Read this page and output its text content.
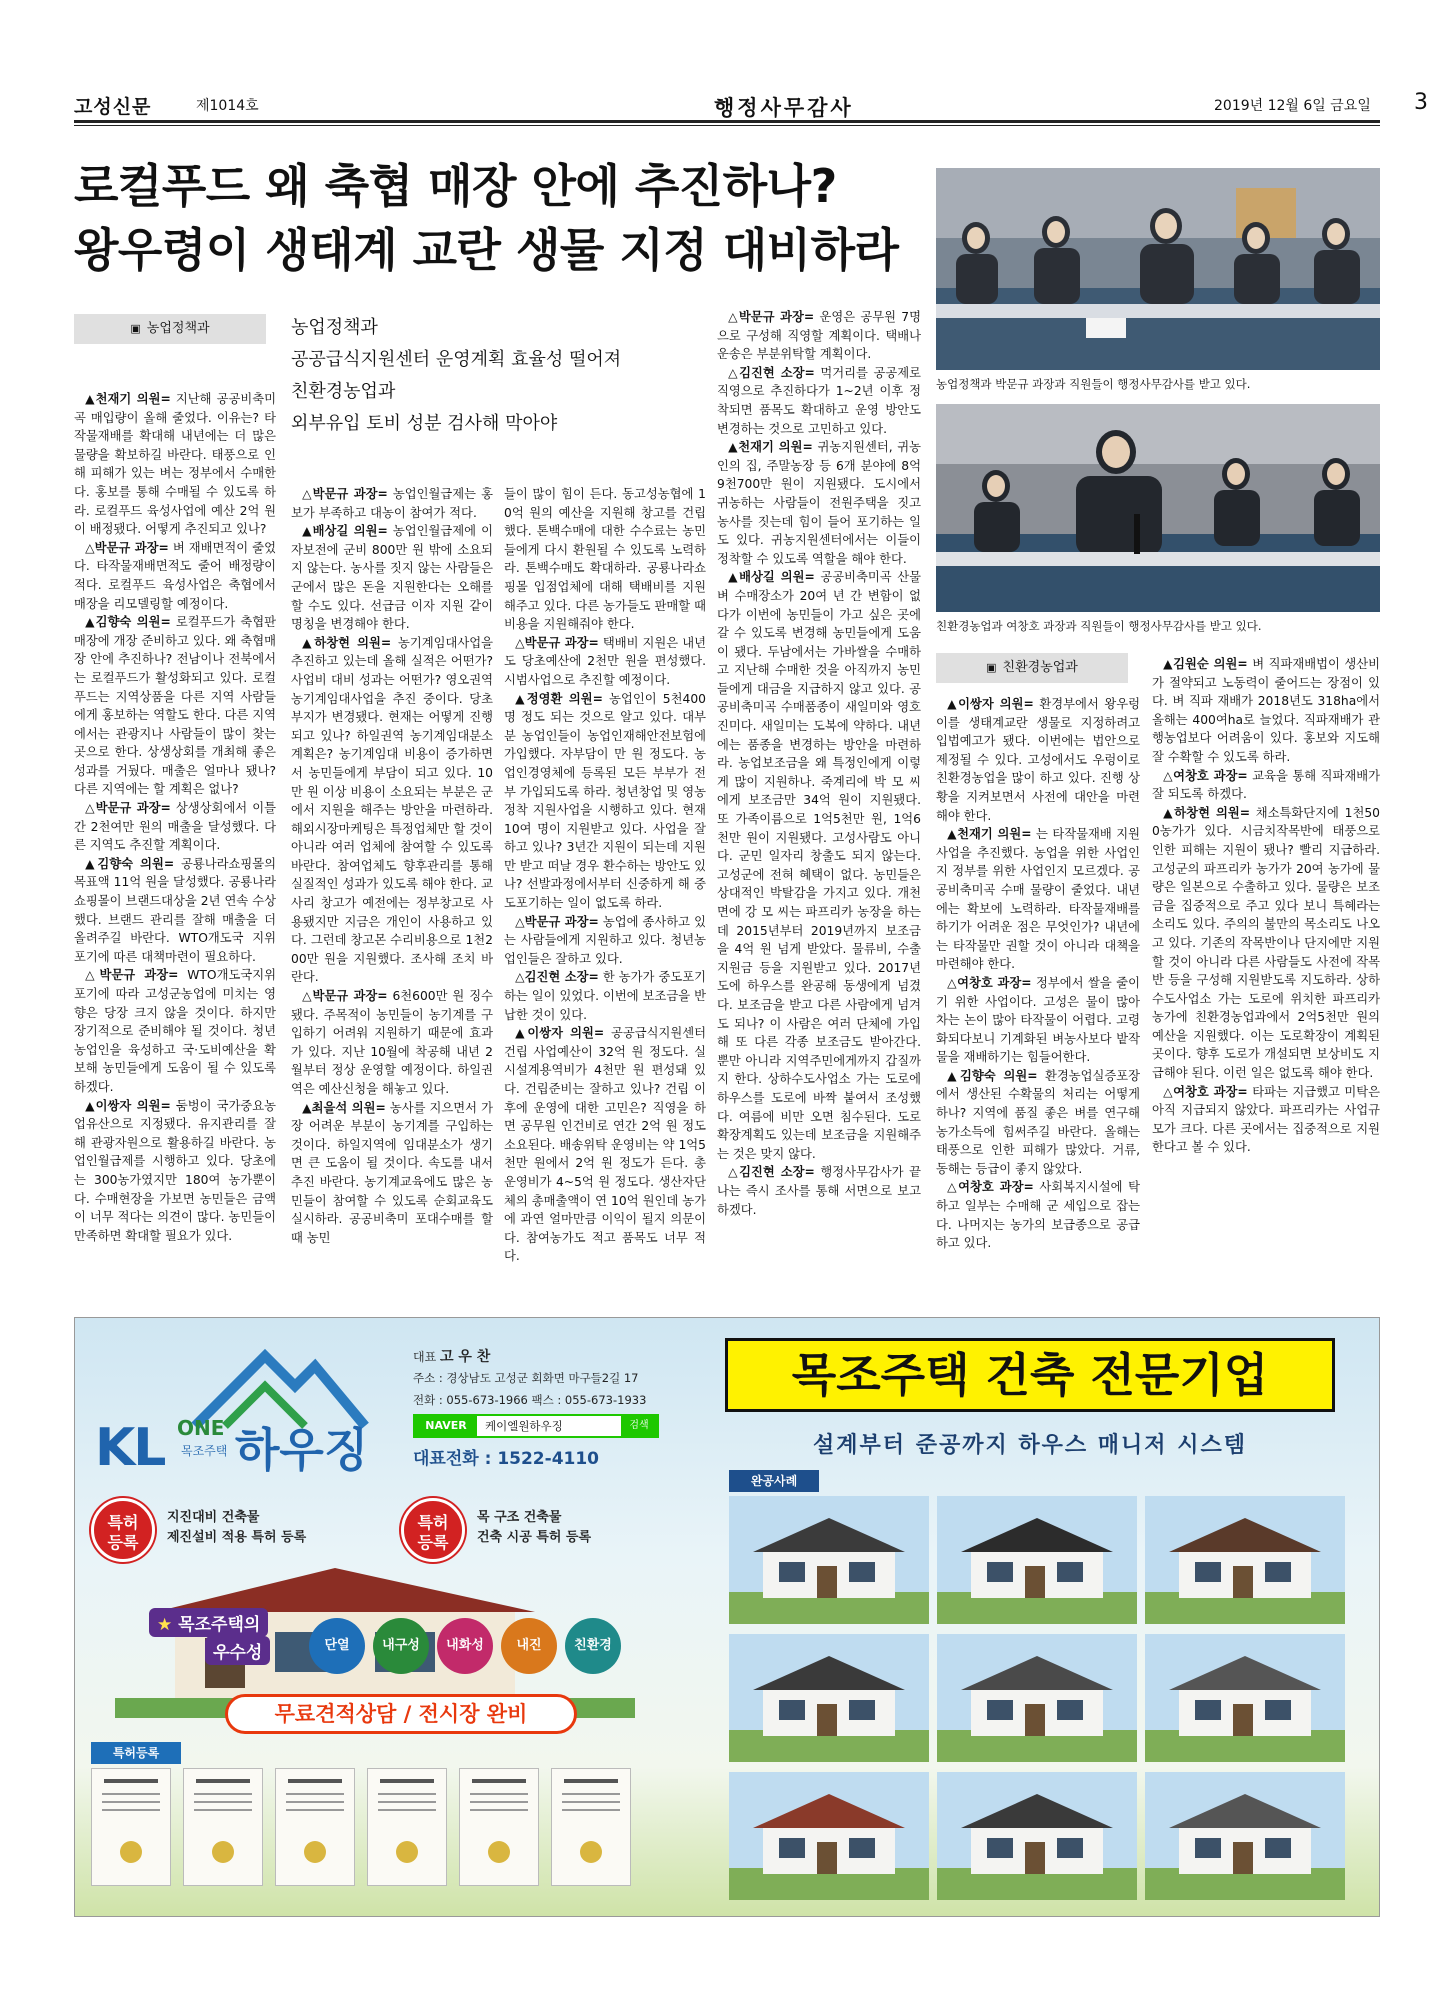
고성신문	제1014호	행정사무감사	2019년 12월 6일 금요일 3
로컬푸드 왜 축협 매장 안에 추진하나?
왕우령이 생태계 교란 생물 지정 대비하라
▣ 농업정책과	농업정책과
공공급식지원센터 운영계획 효율성 떨어져
친환경농업과
외부유입 토비 성분 검사해 막아야
농업정책과 박문규 과장과 직원들이 행정사무감사를 받고 있다.
친환경농업과 여창호 과장과 직원들이 행정사무감사를 받고 있다.
▣ 친환경농업과

▲천재기 의원= 지난해 공공비축미곡 매입량이 올해 줄었다. 이유는? 타작물재배를 확대해 내년에는 더 많은 물량을 확보하길 바란다. 태풍으로 인해 피해가 있는 벼는 정부에서 수매한다. 홍보를 통해 수매될 수 있도록 하라. 로컬푸드 육성사업에 예산 2억 원이 배정됐다. 어떻게 추진되고 있나?

△박문규 과장= 벼 재배면적이 줄었다. 타작물재배면적도 줄어 배정량이 적다. 로컬푸드 육성사업은 축협에서 매장을 리모델링할 예정이다.

▲김향숙 의원= 로컬푸드가 축협판매장에 개장 준비하고 있다. 왜 축협매장 안에 추진하나? 전남이나 전북에서는 로컬푸드가 활성화되고 있다. 로컬푸드는 지역상품을 다른 지역 사람들에게 홍보하는 역할도 한다. 다른 지역에서는 관광지나 사람들이 많이 찾는 곳으로 한다. 상생상회를 개최해 좋은 성과를 거뒀다. 매출은 얼마나 됐나? 다른 지역에는 할 계획은 없나?

△박문규 과장= 상생상회에서 이틀 간 2천여만 원의 매출을 달성했다. 다른 지역도 추진할 계획이다.

▲김향숙 의원= 공룡나라쇼핑몰의 목표액 11억 원을 달성했다. 공룡나라쇼핑몰이 브랜드대상을 2년 연속 수상했다. 브랜드 관리를 잘해 매출을 더 올려주길 바란다. WTO개도국 지위 포기에 따른 대책마련이 필요하다.

△박문규 과장= WTO개도국지위 포기에 따라 고성군농업에 미치는 영향은 당장 크지 않을 것이다. 하지만 장기적으로 준비해야 될 것이다. 청년농업인을 육성하고 국·도비예산을 확보해 농민들에게 도움이 될 수 있도록 하겠다.

▲이쌍자 의원= 둠벙이 국가중요농업유산으로 지정됐다. 유지관리를 잘해 관광자원으로 활용하길 바란다. 농업인월급제를 시행하고 있다. 당초에는 300농가였지만 180여 농가뿐이다. 수매현장을 가보면 농민들은 금액이 너무 적다는 의견이 많다. 농민들이 만족하면 확대할 필요가 있다.

△박문규 과장= 농업인월급제는 홍보가 부족하고 대농이 참여가 적다.

▲배상길 의원= 농업인월급제에 이자보전에 군비 800만 원 밖에 소요되지 않는다. 농사를 짓지 않는 사람들은 군에서 많은 돈을 지원한다는 오해를 할 수도 있다. 선급금 이자 지원 같이 명칭을 변경해야 한다.

▲하창현 의원= 농기계임대사업을 추진하고 있는데 올해 실적은 어떤가? 사업비 대비 성과는 어떤가? 영오권역 농기계임대사업을 추진 중이다. 당초부지가 변경됐다. 현재는 어떻게 진행되고 있나? 하일권역 농기계임대분소 계획은? 농기계임대 비용이 증가하면서 농민들에게 부담이 되고 있다. 10만 원 이상 비용이 소요되는 부분은 군에서 지원을 해주는 방안을 마련하라. 해외시장마케팅은 특정업체만 할 것이 아니라 여러 업체에 참여할 수 있도록 바란다. 참여업체도 향후관리를 통해 실질적인 성과가 있도록 해야 한다. 교사리 창고가 예전에는 정부창고로 사용됐지만 지금은 개인이 사용하고 있다. 그런데 창고몬 수리비용으로 1천200만 원을 지원했다. 조사해 조치 바란다.

△박문규 과장= 6천600만 원 징수됐다. 주목적이 농민들이 농기계를 구입하기 어려워 지원하기 때문에 효과가 있다. 지난 10월에 착공해 내년 2월부터 정상 운영할 예정이다. 하일권역은 예산신청을 해놓고 있다.

▲최을석 의원= 농사를 지으면서 가장 어려운 부분이 농기계를 구입하는 것이다. 하일지역에 임대분소가 생기면 큰 도움이 될 것이다. 속도를 내서 추진 바란다. 농기계교육에도 많은 농민들이 참여할 수 있도록 순회교육도 실시하라. 공공비축미 포대수매를 할 때 농민

들이 많이 힘이 든다. 동고성농협에 10억 원의 예산을 지원해 창고를 건립했다. 톤백수매에 대한 수수료는 농민들에게 다시 환원될 수 있도록 노력하라. 톤백수매도 확대하라. 공룡나라쇼핑몰 입점업체에 대해 택배비를 지원해주고 있다. 다른 농가들도 판매할 때 비용을 지원해줘야 한다.

△박문규 과장= 택배비 지원은 내년도 당초예산에 2천만 원을 편성했다. 시범사업으로 추진할 예정이다.

▲정영환 의원= 농업인이 5천400명 정도 되는 것으로 알고 있다. 대부분 농업인들이 농업인재해안전보험에 가입했다. 자부담이 만 원 정도다. 농업인경영체에 등록된 모든 부부가 전부 가입되도록 하라. 청년창업 및 영농정착 지원사업을 시행하고 있다. 현재 10여 명이 지원받고 있다. 사업을 잘하고 있나? 3년간 지원이 되는데 지원만 받고 떠날 경우 환수하는 방안도 있나? 선발과정에서부터 신중하게 해 중도포기하는 일이 없도록 하라.

△박문규 과장= 농업에 종사하고 있는 사람들에게 지원하고 있다. 청년농업인들은 잘하고 있다.

△김진현 소장= 한 농가가 중도포기하는 일이 있었다. 이번에 보조금을 반납한 것이 있다.

▲이쌍자 의원= 공공급식지원센터 건립 사업예산이 32억 원 정도다. 실시설계용역비가 4천만 원 편성돼 있다. 건립준비는 잘하고 있나? 건립 이후에 운영에 대한 고민은? 직영을 하면 공무원 인건비로 연간 2억 원 정도 소요된다. 배송위탁 운영비는 약 1억5천만 원에서 2억 원 정도가 든다. 총 운영비가 4~5억 원 정도다. 생산자단체의 총매출액이 연 10억 원인데 농가에 과연 얼마만큼 이익이 될지 의문이다. 참여농가도 적고 품목도 너무 적다.

△박문규 과장= 운영은 공무원 7명으로 구성해 직영할 계획이다. 택배나 운송은 부분위탁할 계획이다.

△김진현 소장= 먹거리를 공공제로 직영으로 추진하다가 1~2년 이후 정착되면 품목도 확대하고 운영 방안도 변경하는 것으로 고민하고 있다.

▲천재기 의원= 귀농지원센터, 귀농인의 집, 주말농장 등 6개 분야에 8억9천700만 원이 지원됐다. 도시에서 귀농하는 사람들이 전원주택을 짓고 농사를 짓는데 힘이 들어 포기하는 일도 있다. 귀농지원센터에서는 이들이 정착할 수 있도록 역할을 해야 한다.

▲배상길 의원= 공공비축미곡 산물벼 수매장소가 20여 년 간 변함이 없다가 이번에 농민들이 가고 싶은 곳에 갈 수 있도록 변경해 농민들에게 도움이 됐다. 두남에서는 가바쌀을 수매하고 지난해 수매한 것을 아직까지 농민들에게 대금을 지급하지 않고 있다. 공공비축미곡 수매품종이 새일미와 영호진미다. 새일미는 도복에 약하다. 내년에는 품종을 변경하는 방안을 마련하라. 농업보조금을 왜 특정인에게 이렇게 많이 지원하나. 죽계리에 박 모 씨에게 보조금만 34억 원이 지원됐다. 또 가족이름으로 1억5천만 원, 1억6천만 원이 지원됐다. 고성사람도 아니다. 군민 일자리 창출도 되지 않는다. 고성군에 전혀 혜택이 없다. 농민들은 상대적인 박탈감을 가지고 있다. 개천면에 강 모 씨는 파프리카 농장을 하는데 2015년부터 2019년까지 보조금을 4억 원 넘게 받았다. 물류비, 수출지원금 등을 지원받고 있다. 2017년도에 하우스를 완공해 동생에게 넘겼다. 보조금을 받고 다른 사람에게 넘겨도 되나? 이 사람은 여러 단체에 가입해 또 다른 각종 보조금도 받아간다. 뿐만 아니라 지역주민에게까지 갑질까지 한다. 상하수도사업소 가는 도로에 하우스를 도로에 바짝 붙여서 조성했다. 여름에 비만 오면 침수된다. 도로확장계획도 있는데 보조금을 지원해주는 것은 맞지 않다.

△김진현 소장= 행정사무감사가 끝나는 즉시 조사를 통해 서면으로 보고 하겠다.

▲이쌍자 의원= 환경부에서 왕우렁이를 생태계교란 생물로 지정하려고 입법예고가 됐다. 이번에는 법안으로 제정될 수 있다. 고성에서도 우렁이로 친환경농업을 많이 하고 있다. 진행 상황을 지켜보면서 사전에 대안을 마련해야 한다.

▲천재기 의원= 는 타작물재배 지원사업을 추진했다. 농업을 위한 사업인지 정부를 위한 사업인지 모르겠다. 공공비축미곡 수매 물량이 줄었다. 내년에는 확보에 노력하라. 타작물재배를 하기가 어려운 점은 무엇인가? 내년에는 타작물만 권할 것이 아니라 대책을 마련해야 한다.

△여창호 과장= 정부에서 쌀을 줄이기 위한 사업이다. 고성은 물이 많아 차는 논이 많아 타작물이 어렵다. 고령화되다보니 기계화된 벼농사보다 밭작물을 재배하기는 힘들어한다.

▲김향숙 의원= 환경농업실증포장에서 생산된 수확물의 처리는 어떻게 하나? 지역에 품질 좋은 벼를 연구해 농가소득에 힘써주길 바란다. 올해는 태풍으로 인한 피해가 많았다. 거류, 동해는 등급이 좋지 않았다.

△여창호 과장= 사회복지시설에 탁하고 일부는 수매해 군 세입으로 잡는다. 나머지는 농가의 보급종으로 공급하고 있다.

▲김원순 의원= 벼 직파재배법이 생산비가 절약되고 노동력이 줄어드는 장점이 있다. 벼 직파 재배가 2018년도 318ha에서 올해는 400여ha로 늘었다. 직파재배가 관행농업보다 어려움이 있다. 홍보와 지도해 잘 수확할 수 있도록 하라.

△여창호 과장= 교육을 통해 직파재배가 잘 되도록 하겠다.

▲하창현 의원= 채소특화단지에 1천500농가가 있다. 시금치작목반에 태풍으로 인한 피해는 지원이 됐나? 빨리 지급하라. 고성군의 파프리카 농가가 20여 농가에 물량은 일본으로 수출하고 있다. 물량은 보조금을 집중적으로 주고 있다 보니 특혜라는 소리도 있다. 주의의 불만의 목소리도 나오고 있다. 기존의 작목반이나 단지에만 지원할 것이 아니라 다른 사람들도 사전에 작목반 등을 구성해 지원받도록 지도하라. 상하수도사업소 가는 도로에 위치한 파프리카 농가에 친환경농업과에서 2억5천만 원의 예산을 지원했다. 이는 도로확장이 계획된 곳이다. 향후 도로가 개설되면 보상비도 지급해야 된다. 이런 일은 없도록 해야 한다.

△여창호 과장= 타파는 지급했고 미탁은 아직 지급되지 않았다. 파프리카는 사업규모가 크다. 다른 곳에서는 집중적으로 지원한다고 볼 수 있다.

KL ONE 하우징
목조주택
대표 고 우 찬
주소 : 경상남도 고성군 회화면 마구들2길 17
전화 : 055-673-1966 팩스 : 055-673-1933
NAVER	케이엘원하우징	검색
대표전화 : 1522-4110
목조주택 건축 전문기업
설계부터 준공까지 하우스 매니저 시스템
특허
등록
지진대비 건축물
제진설비 적용 특허 등록
특허
등록
목 구조 건축물
건축 시공 특허 등록
★ 목조주택의
우수성	단열	내구성	내화성	내진	친환경
무료견적상담 / 전시장 완비
특허등록
완공사례
